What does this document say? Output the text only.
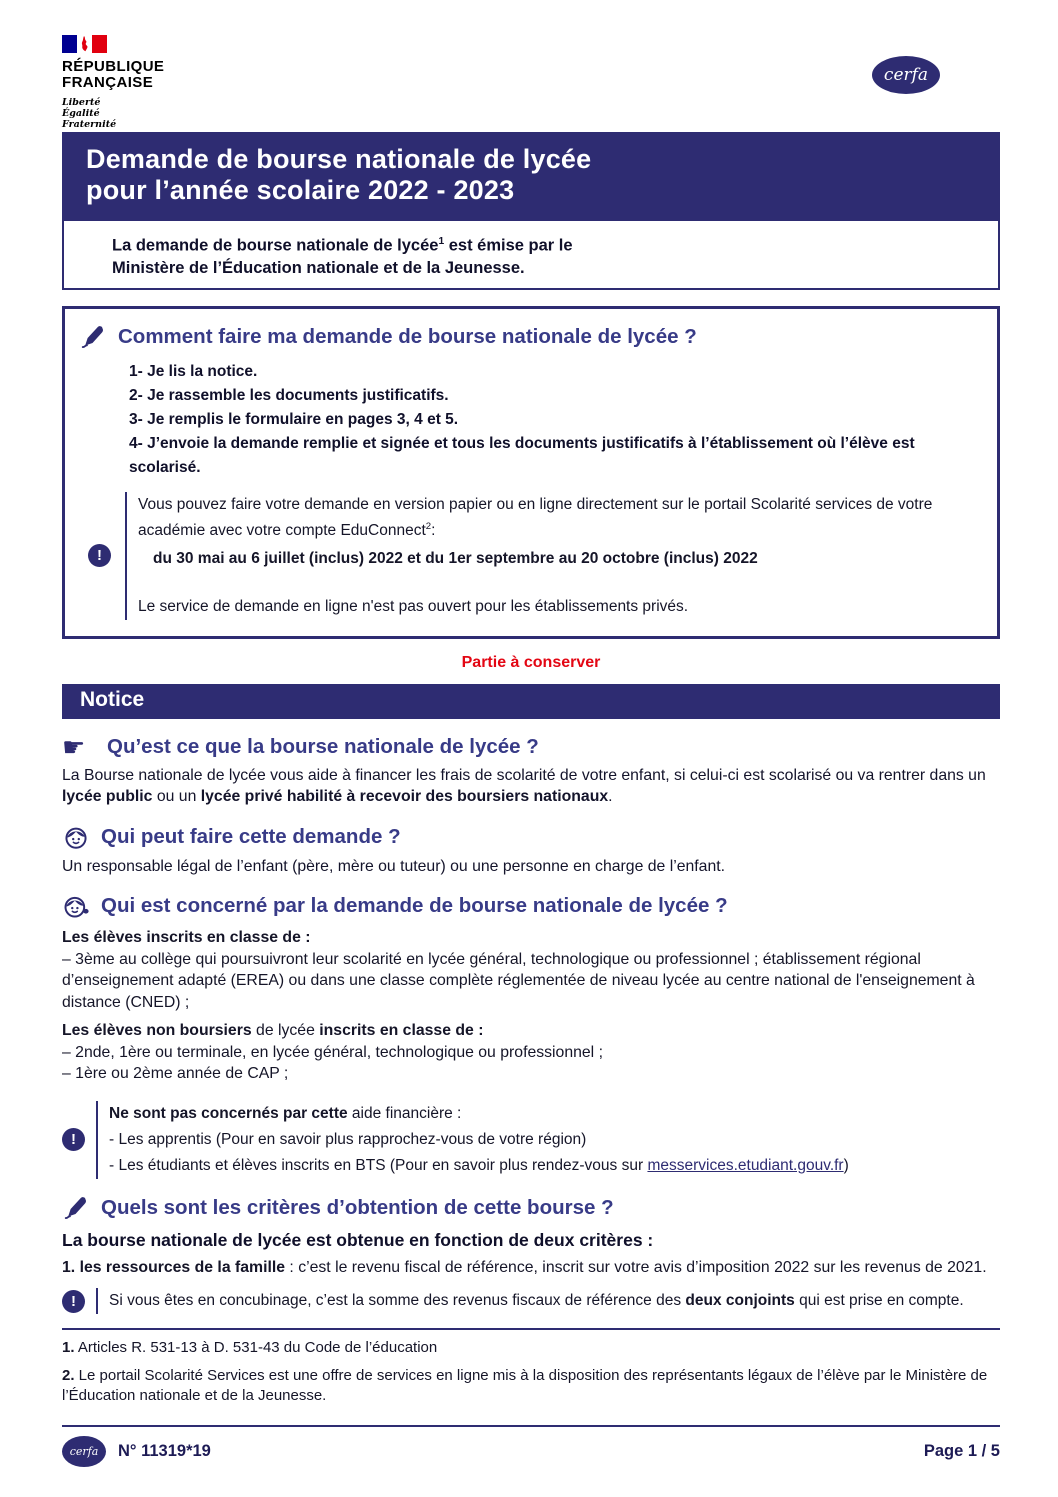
RÉPUBLIQUE
FRANÇAISE
Liberté
Égalité
Fraternité
cerfa
Demande de bourse nationale de lycée
pour l’année scolaire 2022 - 2023
La demande de bourse nationale de lycée$^1$ est émise par le
Ministère de l’Éducation nationale et de la Jeunesse.
Comment faire ma demande de bourse nationale de lycée ?
1- Je lis la notice.
2- Je rassemble les documents justificatifs.
3- Je remplis le formulaire en pages 3, 4 et 5.
4- J’envoie la demande remplie et signée et tous les documents justificatifs à l’établissement où l’élève est scolarisé.
!
Vous pouvez faire votre demande en version papier ou en ligne directement sur le portail Scolarité services de votre académie avec votre compte EduConnect$^2$:
du 30 mai au 6 juillet (inclus) 2022 et du 1er septembre au 20 octobre (inclus) 2022
Le service de demande en ligne n'est pas ouvert pour les établissements privés.
Partie à conserver
Notice
☛	Qu’est ce que la bourse nationale de lycée ?
La Bourse nationale de lycée vous aide à financer les frais de scolarité de votre enfant, si celui-ci est scolarisé ou va rentrer dans un lycée public ou un lycée privé habilité à recevoir des boursiers nationaux.
Qui peut faire cette demande ?
Un responsable légal de l’enfant (père, mère ou tuteur) ou une personne en charge de l’enfant.
Qui est concerné par la demande de bourse nationale de lycée ?
Les élèves inscrits en classe de :
– 3ème au collège qui poursuivront leur scolarité en lycée général, technologique ou professionnel ; établissement régional d’enseignement adapté (EREA) ou dans une classe complète réglementée de niveau lycée au centre national de l'enseignement à distance (CNED) ;
Les élèves non boursiers de lycée inscrits en classe de :
– 2nde, 1ère ou terminale, en lycée général, technologique ou professionnel ;
– 1ère ou 2ème année de CAP ;
!
Ne sont pas concernés par cette aide financière :
- Les apprentis (Pour en savoir plus rapprochez-vous de votre région)
- Les étudiants et élèves inscrits en BTS (Pour en savoir plus rendez-vous sur messervices.etudiant.gouv.fr)
Quels sont les critères d’obtention de cette bourse ?
La bourse nationale de lycée est obtenue en fonction de deux critères :
1. les ressources de la famille : c’est le revenu fiscal de référence, inscrit sur votre avis d’imposition 2022 sur les revenus de 2021.
!	Si vous êtes en concubinage, c’est la somme des revenus fiscaux de référence des deux conjoints qui est prise en compte.
1. Articles R. 531-13 à D. 531-43 du Code de l’éducation
2. Le portail Scolarité Services est une offre de services en ligne mis à la disposition des représentants légaux de l’élève par le Ministère de l’Éducation nationale et de la Jeunesse.
cerfa N° 11319*19	Page 1 / 5
